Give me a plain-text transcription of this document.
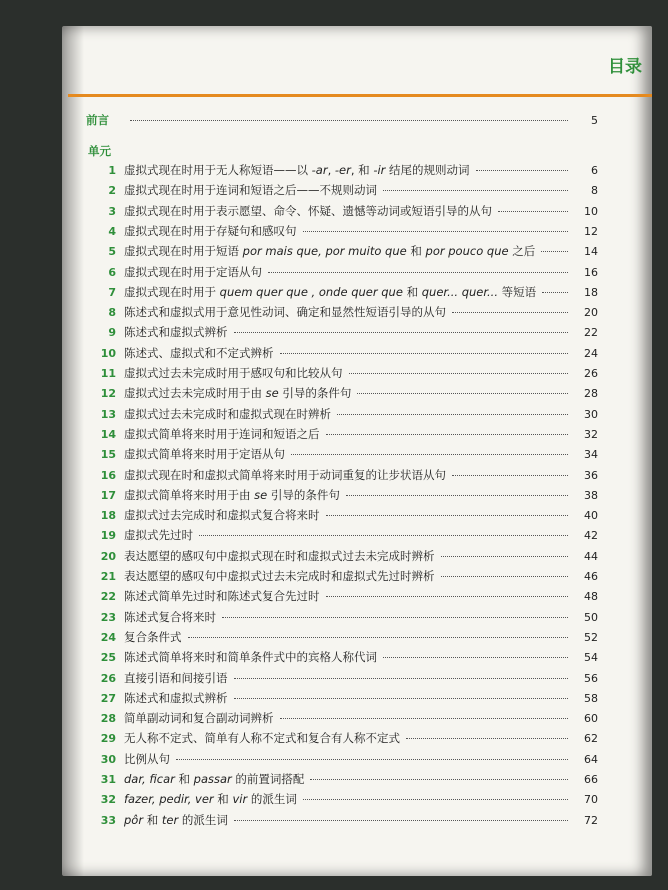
目录
前言	5
单元
1 虚拟式现在时用于无人称短语——以 -ar, -er, 和 -ir 结尾的规则动词	6
2 虚拟式现在时用于连词和短语之后——不规则动词	8
3 虚拟式现在时用于表示愿望、命令、怀疑、遗憾等动词或短语引导的从句	10
4 虚拟式现在时用于存疑句和感叹句	12
5 虚拟式现在时用于短语 por mais que, por muito que 和 por pouco que 之后	14
6 虚拟式现在时用于定语从句	16
7 虚拟式现在时用于 quem quer que , onde quer que 和 quer... quer... 等短语	18
8 陈述式和虚拟式用于意见性动词、确定和显然性短语引导的从句	20
9 陈述式和虚拟式辨析	22
10 陈述式、虚拟式和不定式辨析	24
11 虚拟式过去未完成时用于感叹句和比较从句	26
12 虚拟式过去未完成时用于由 se 引导的条件句	28
13 虚拟式过去未完成时和虚拟式现在时辨析	30
14 虚拟式简单将来时用于连词和短语之后	32
15 虚拟式简单将来时用于定语从句	34
16 虚拟式现在时和虚拟式简单将来时用于动词重复的让步状语从句	36
17 虚拟式简单将来时用于由 se 引导的条件句	38
18 虚拟式过去完成时和虚拟式复合将来时	40
19 虚拟式先过时	42
20 表达愿望的感叹句中虚拟式现在时和虚拟式过去未完成时辨析	44
21 表达愿望的感叹句中虚拟式过去未完成时和虚拟式先过时辨析	46
22 陈述式简单先过时和陈述式复合先过时	48
23 陈述式复合将来时	50
24 复合条件式	52
25 陈述式简单将来时和简单条件式中的宾格人称代词	54
26 直接引语和间接引语	56
27 陈述式和虚拟式辨析	58
28 简单副动词和复合副动词辨析	60
29 无人称不定式、简单有人称不定式和复合有人称不定式	62
30 比例从句	64
31 dar, ficar 和 passar 的前置词搭配	66
32 fazer, pedir, ver 和 vir 的派生词	70
33 pôr 和 ter 的派生词	72
